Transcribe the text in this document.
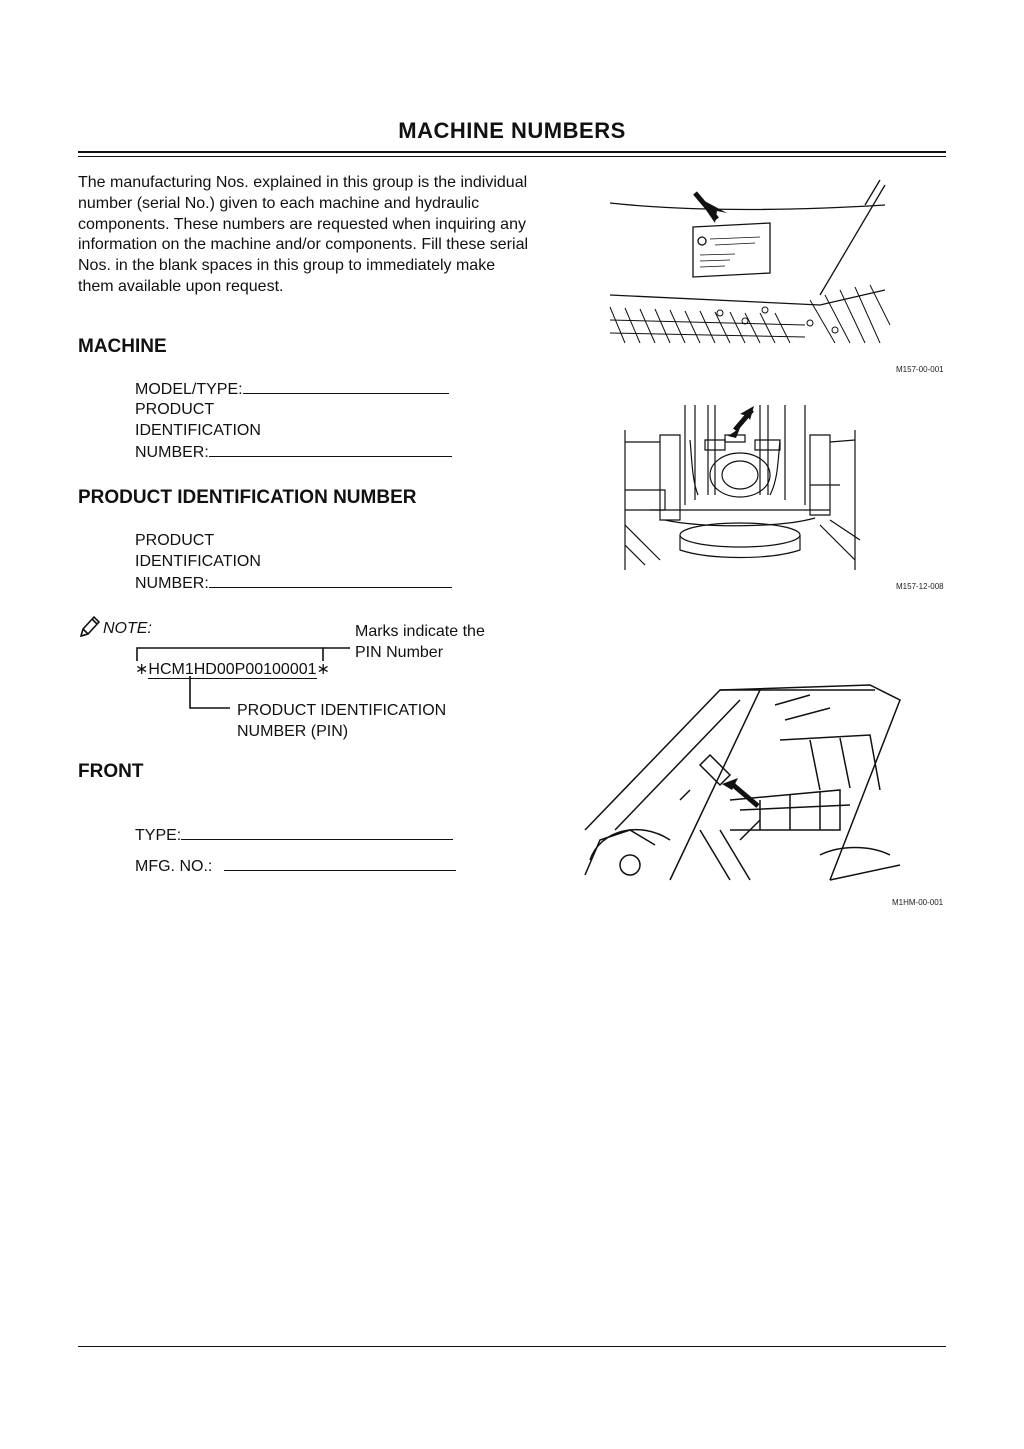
MACHINE NUMBERS

The manufacturing Nos. explained in this group is the individual number (serial No.) given to each machine and hydraulic components. These numbers are requested when inquiring any information on the machine and/or components. Fill these serial Nos. in the blank spaces in this group to immediately make them available upon request.

MACHINE
MODEL/TYPE:
PRODUCT
IDENTIFICATION
NUMBER:
PRODUCT IDENTIFICATION NUMBER
PRODUCT
IDENTIFICATION
NUMBER:
NOTE:
∗HCM1HD00P00100001∗
Marks indicate the
PIN Number
PRODUCT IDENTIFICATION
NUMBER (PIN)
FRONT
TYPE:
MFG. NO.:
M157-00-001
M157-12-008
M1HM-00-001
